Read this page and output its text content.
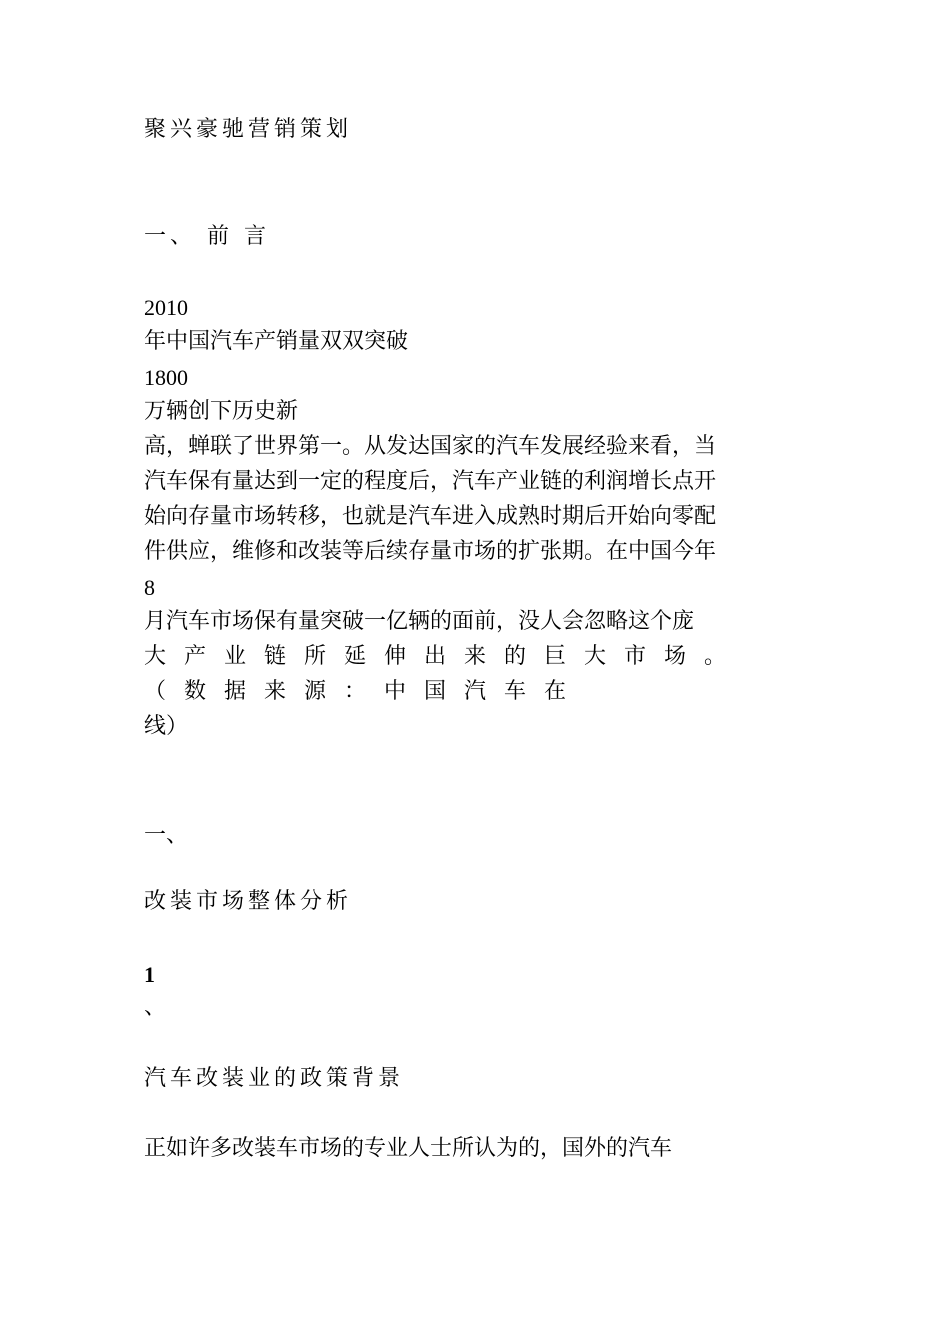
聚兴豪驰营销策划

一、 前 言

2010

年中国汽车产销量双双突破

1800

万辆创下历史新

高，蝉联了世界第一。从发达国家的汽车发展经验来看，当

汽车保有量达到一定的程度后，汽车产业链的利润增长点开

始向存量市场转移，也就是汽车进入成熟时期后开始向零配

件供应，维修和改装等后续存量市场的扩张期。在中国今年

8

月汽车市场保有量突破一亿辆的面前，没人会忽略这个庞

大产业链所延伸出来的巨大市场。

（数据来源：中国汽车在

线）

一、

改装市场整体分析

1

、

汽车改装业的政策背景

正如许多改装车市场的专业人士所认为的，国外的汽车
